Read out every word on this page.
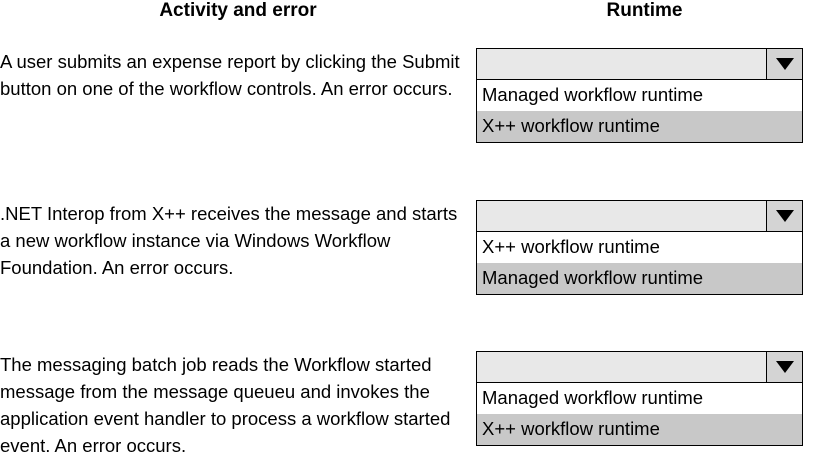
Activity and error	Runtime
A user submits an expense report by clicking the Submit button on one of the workflow controls. An error occurs.	Managed workflow runtime
X++ workflow runtime
.NET Interop from X++ receives the message and starts a new workflow instance via Windows Workflow Foundation. An error occurs.
X++ workflow runtime
Managed workflow runtime
The messaging batch job reads the Workflow started message from the message queueu and invokes the application event handler to process a workflow started event. An error occurs.
Managed workflow runtime
X++ workflow runtime
